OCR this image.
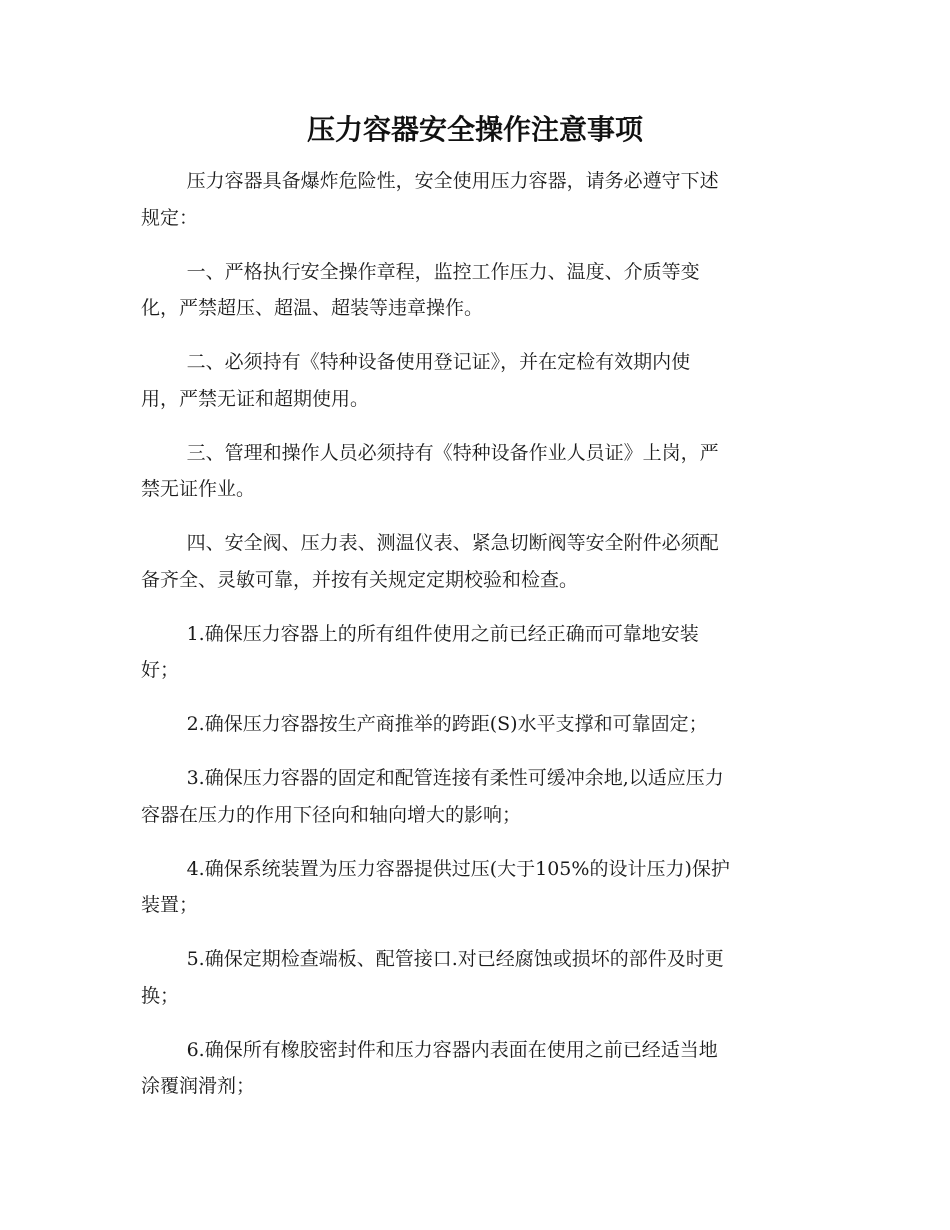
压力容器安全操作注意事项

压力容器具备爆炸危险性，安全使用压力容器，请务必遵守下述
规定：

一、严格执行安全操作章程，监控工作压力、温度、介质等变
化，严禁超压、超温、超装等违章操作。

二、必须持有《特种设备使用登记证》，并在定检有效期内使
用，严禁无证和超期使用。

三、管理和操作人员必须持有《特种设备作业人员证》上岗，严
禁无证作业。

四、安全阀、压力表、测温仪表、紧急切断阀等安全附件必须配
备齐全、灵敏可靠，并按有关规定定期校验和检查。

1.确保压力容器上的所有组件使用之前已经正确而可靠地安装
好；

2.确保压力容器按生产商推举的跨距(S)水平支撑和可靠固定；

3.确保压力容器的固定和配管连接有柔性可缓冲余地,以适应压力
容器在压力的作用下径向和轴向增大的影响；

4.确保系统装置为压力容器提供过压(大于105%的设计压力)保护
装置；

5.确保定期检查端板、配管接口.对已经腐蚀或损坏的部件及时更
换；

6.确保所有橡胶密封件和压力容器内表面在使用之前已经适当地
涂覆润滑剂；
